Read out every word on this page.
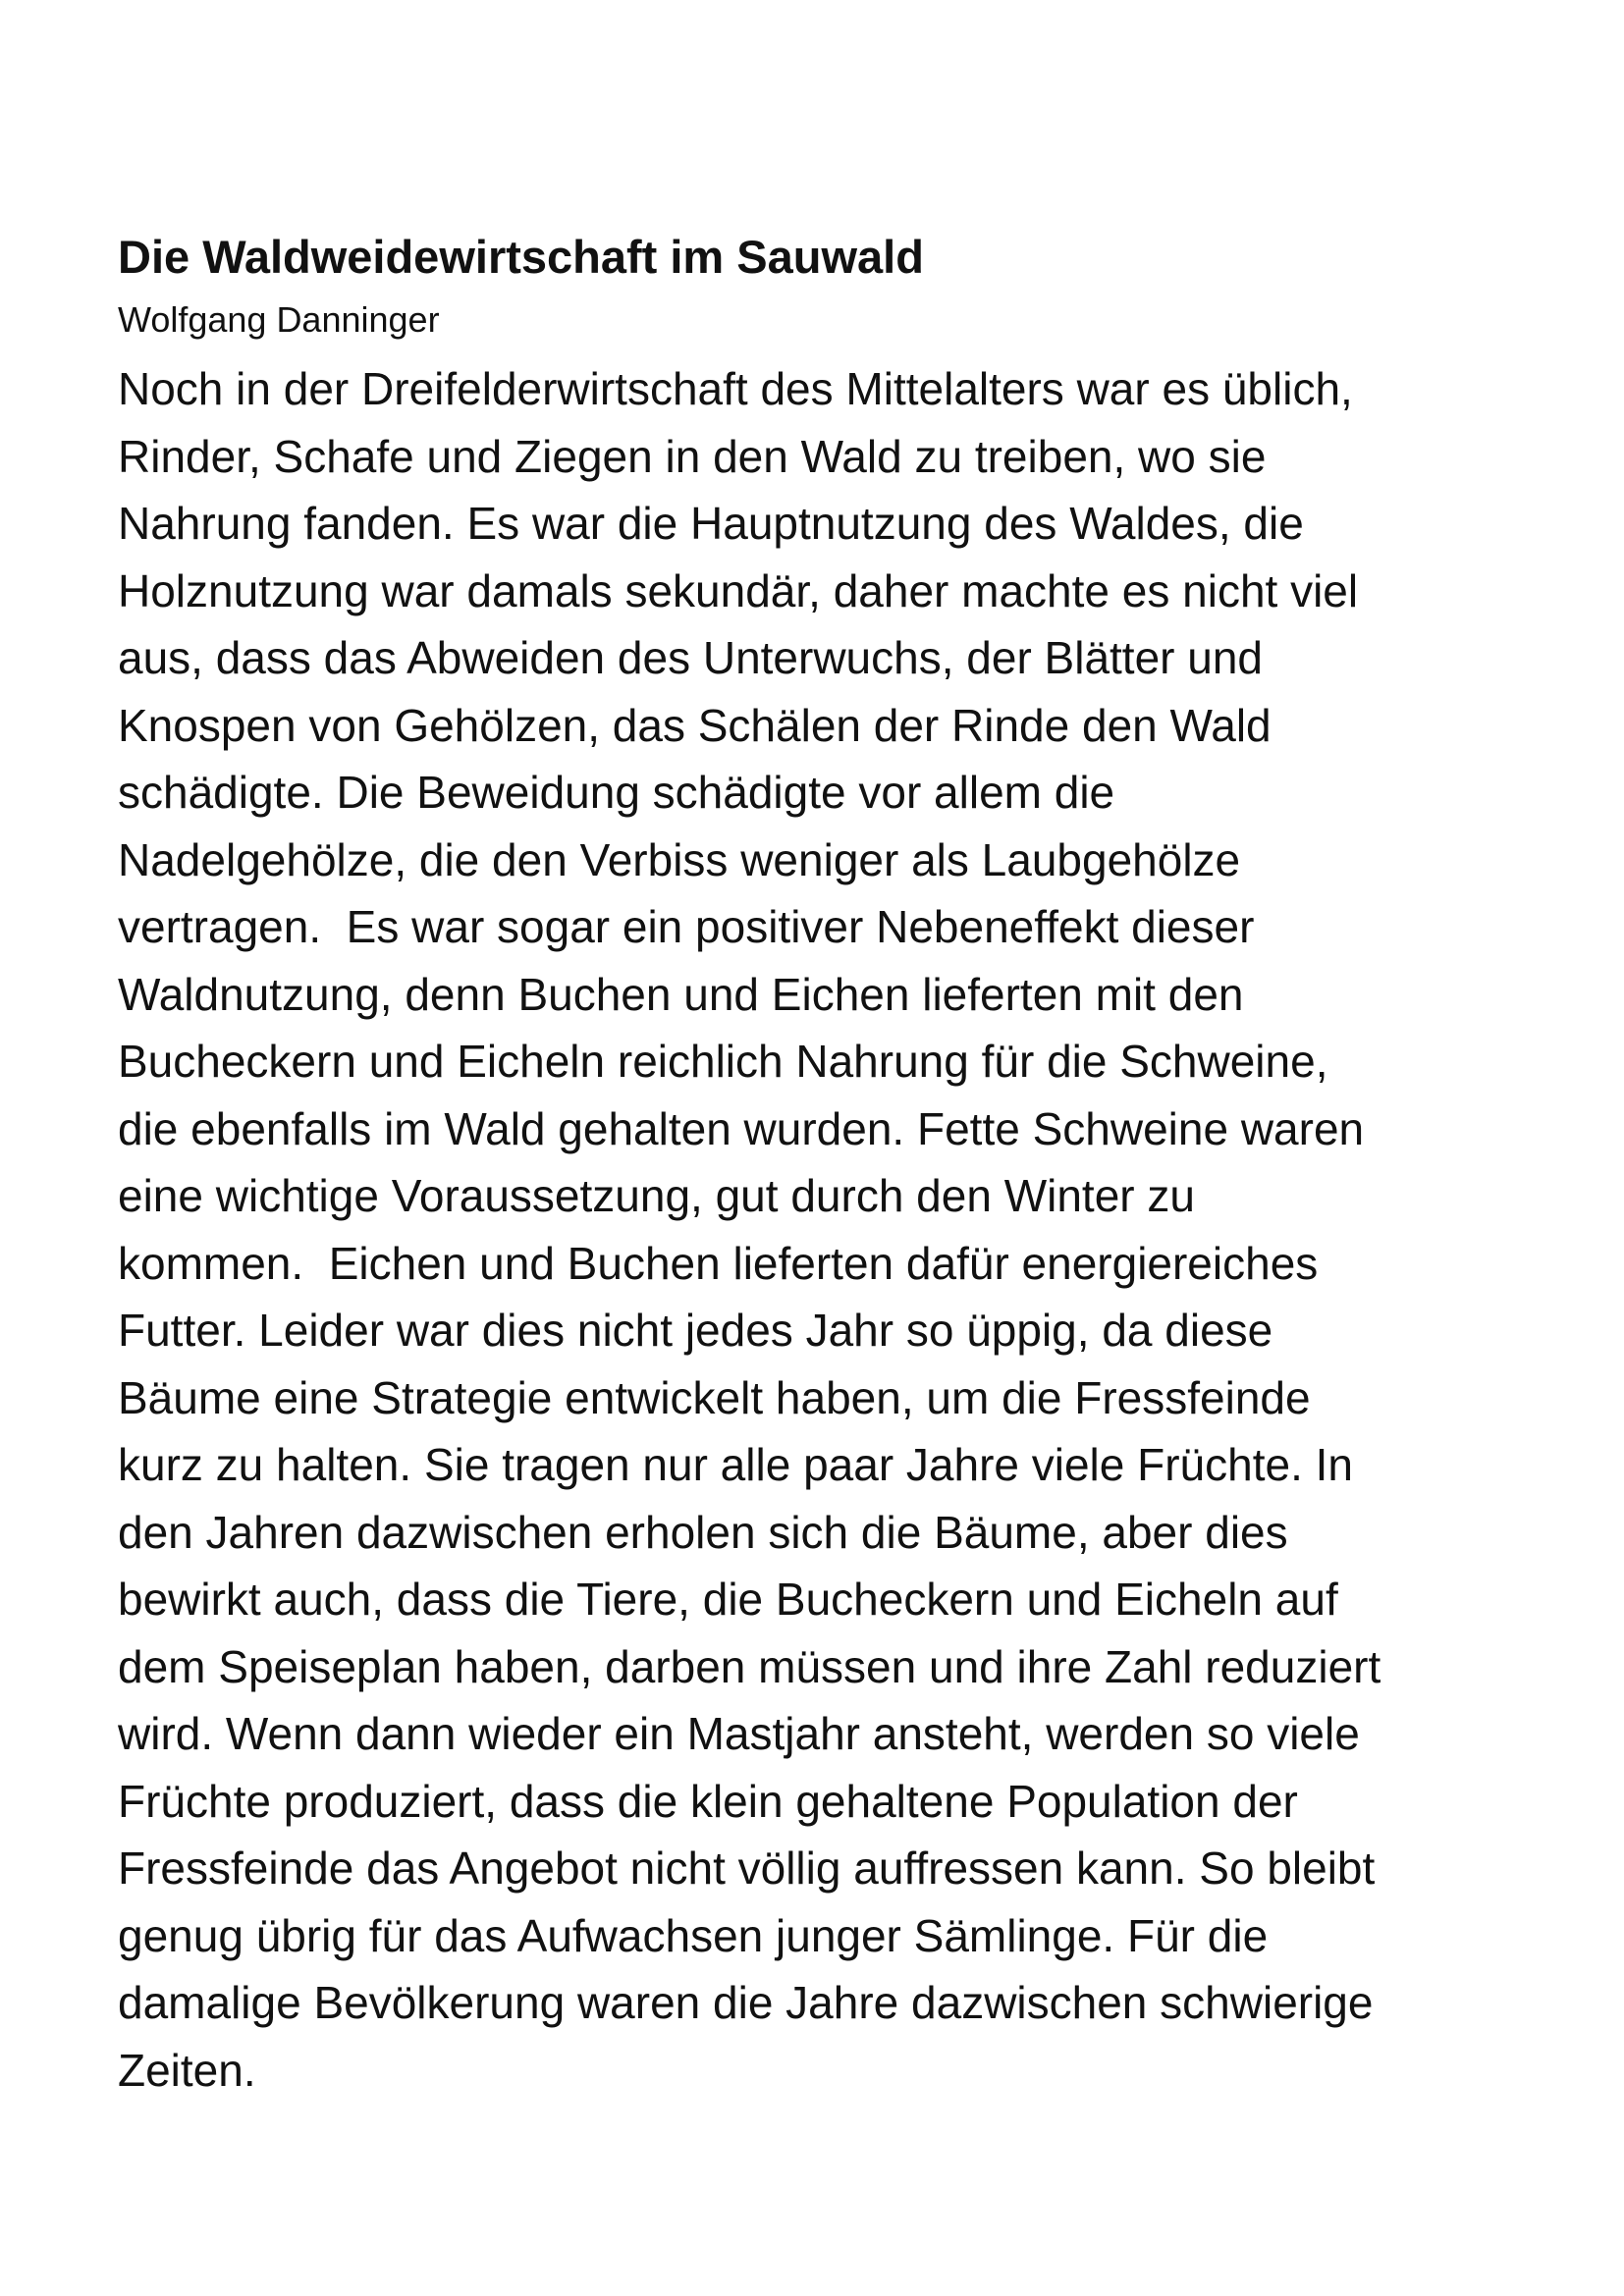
Die Waldweidewirtschaft im Sauwald
Wolfgang Danninger
Noch in der Dreifelderwirtschaft des Mittelalters war es üblich,
Rinder, Schafe und Ziegen in den Wald zu treiben, wo sie
Nahrung fanden. Es war die Hauptnutzung des Waldes, die
Holznutzung war damals sekundär, daher machte es nicht viel
aus, dass das Abweiden des Unterwuchs, der Blätter und
Knospen von Gehölzen, das Schälen der Rinde den Wald
schädigte. Die Beweidung schädigte vor allem die
Nadelgehölze, die den Verbiss weniger als Laubgehölze
vertragen.  Es war sogar ein positiver Nebeneffekt dieser
Waldnutzung, denn Buchen und Eichen lieferten mit den
Bucheckern und Eicheln reichlich Nahrung für die Schweine,
die ebenfalls im Wald gehalten wurden. Fette Schweine waren
eine wichtige Voraussetzung, gut durch den Winter zu
kommen.  Eichen und Buchen lieferten dafür energiereiches
Futter. Leider war dies nicht jedes Jahr so üppig, da diese
Bäume eine Strategie entwickelt haben, um die Fressfeinde
kurz zu halten. Sie tragen nur alle paar Jahre viele Früchte. In
den Jahren dazwischen erholen sich die Bäume, aber dies
bewirkt auch, dass die Tiere, die Bucheckern und Eicheln auf
dem Speiseplan haben, darben müssen und ihre Zahl reduziert
wird. Wenn dann wieder ein Mastjahr ansteht, werden so viele
Früchte produziert, dass die klein gehaltene Population der
Fressfeinde das Angebot nicht völlig auffressen kann. So bleibt
genug übrig für das Aufwachsen junger Sämlinge. Für die
damalige Bevölkerung waren die Jahre dazwischen schwierige
Zeiten.
